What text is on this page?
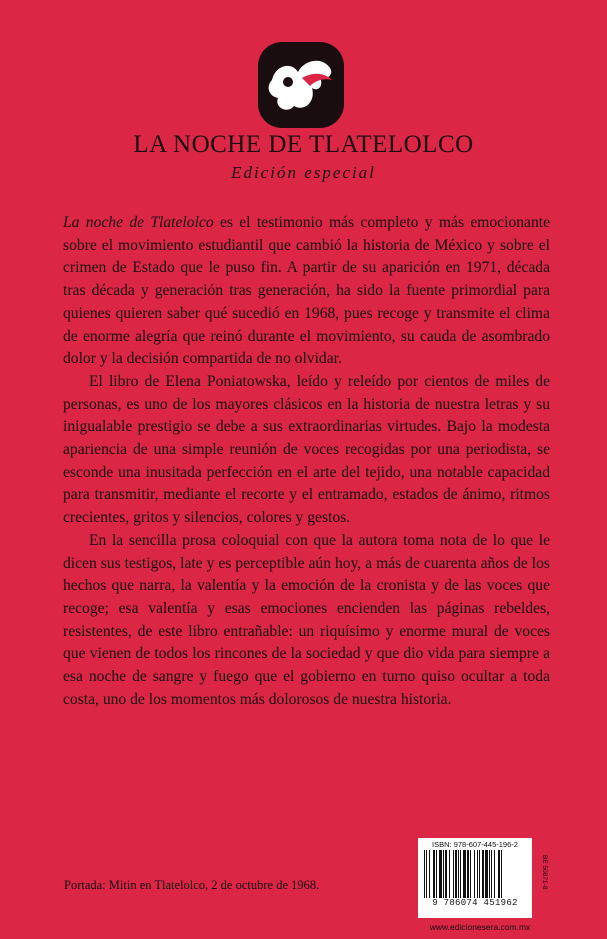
LA NOCHE DE TLATELOLCO
Edición especial

La noche de Tlatelolco es el testimonio más completo y más emocionante sobre el movimiento estudiantil que cambió la historia de México y sobre el crimen de Estado que le puso fin. A partir de su aparición en 1971, década tras década y generación tras generación, ha sido la fuente primordial para quienes quieren saber qué sucedió en 1968, pues recoge y transmite el clima de enorme alegría que reinó durante el movimiento, su cauda de asombrado dolor y la decisión compartida de no olvidar.

El libro de Elena Poniatowska, leído y releído por cientos de miles de personas, es uno de los mayores clásicos en la historia de nuestra letras y su inigualable prestigio se debe a sus extraordinarias virtudes. Bajo la modesta apariencia de una simple reunión de voces recogidas por una periodista, se esconde una inusitada perfección en el arte del tejido, una notable capacidad para transmitir, mediante el recorte y el entramado, estados de ánimo, ritmos crecientes, gritos y silencios, colores y gestos.

En la sencilla prosa coloquial con que la autora toma nota de lo que le dicen sus testigos, late y es perceptible aún hoy, a más de cuarenta años de los hechos que narra, la valentía y la emoción de la cronista y de las voces que recoge; esa valentía y esas emociones encienden las páginas rebeldes, resistentes, de este libro entrañable: un riquísimo y enorme mural de voces que vienen de todos los rincones de la sociedad y que dio vida para siempre a esa noche de sangre y fuego que el gobierno en turno quiso ocultar a toda costa, uno de los momentos más dolorosos de nuestra historia.

Portada: Mitin en Tlatelolco, 2 de octubre de 1968.
ISBN: 978-607-445-196-2
9 786074 451962
BE 50871-8
www.edicionesera.com.mx
